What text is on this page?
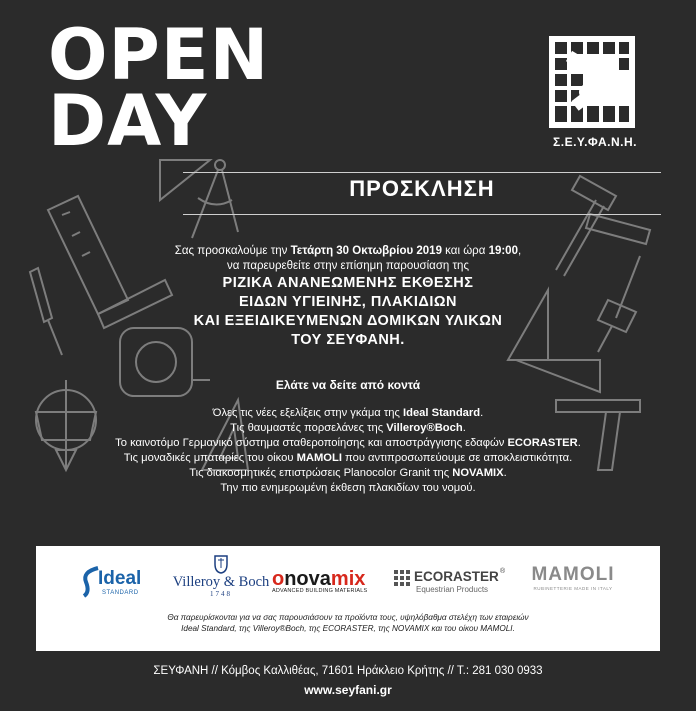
OPEN
DAY	Σ.Ε.Υ.ΦΑ.Ν.Η.
ΠΡΟΣΚΛΗΣΗ
Σας προσκαλούμε την Τετάρτη 30 Οκτωβρίου 2019 και ώρα 19:00,
να παρευρεθείτε στην επίσημη παρουσίαση της
ΡΙΖΙΚΑ ΑΝΑΝΕΩΜΕΝΗΣ ΕΚΘΕΣΗΣ
ΕΙΔΩΝ ΥΓΙΕΙΝΗΣ, ΠΛΑΚΙΔΙΩΝ
ΚΑΙ ΕΞΕΙΔΙΚΕΥΜΕΝΩΝ ΔΟΜΙΚΩΝ ΥΛΙΚΩΝ
ΤΟΥ ΣΕΥΦΑΝΗ.
Ελάτε να δείτε από κοντά
Όλες τις νέες εξελίξεις στην γκάμα της Ideal Standard.
Τις θαυμαστές πορσελάνες της Villeroy®Boch.
Το καινοτόμο Γερμανικό σύστημα σταθεροποίησης και αποστράγγισης εδαφών ECORASTER.
Τις μοναδικές μπαταρίες του οίκου MAMOLI που αντιπροσωπεύουμε σε αποκλειστικότητα.
Τις διακοσμητικές επιστρώσεις Planocolor Granit της NOVAMIX.
Την πιο ενημερωμένη έκθεση πλακιδίων του νομού.
Ideal
STANDARD
Villeroy & Boch
1748
onovamix
ADVANCED BUILDING MATERIALS
ECORASTER ®
Equestrian Products
MAMOLI
RUBINETTERIE MADE IN ITALY
Θα παρευρίσκονται για να σας παρουσιάσουν τα προϊόντα τους, υψηλόβαθμα στελέχη των εταιρειών
Ideal Standard, της Villeroy®Boch, της ECORASTER, της NOVAMIX και του οίκου MAMOLI.
ΣΕΥΦΑΝΗ // Κόμβος Καλλιθέας, 71601 Ηράκλειο Κρήτης // Τ.: 281 030 0933
www.seyfani.gr
